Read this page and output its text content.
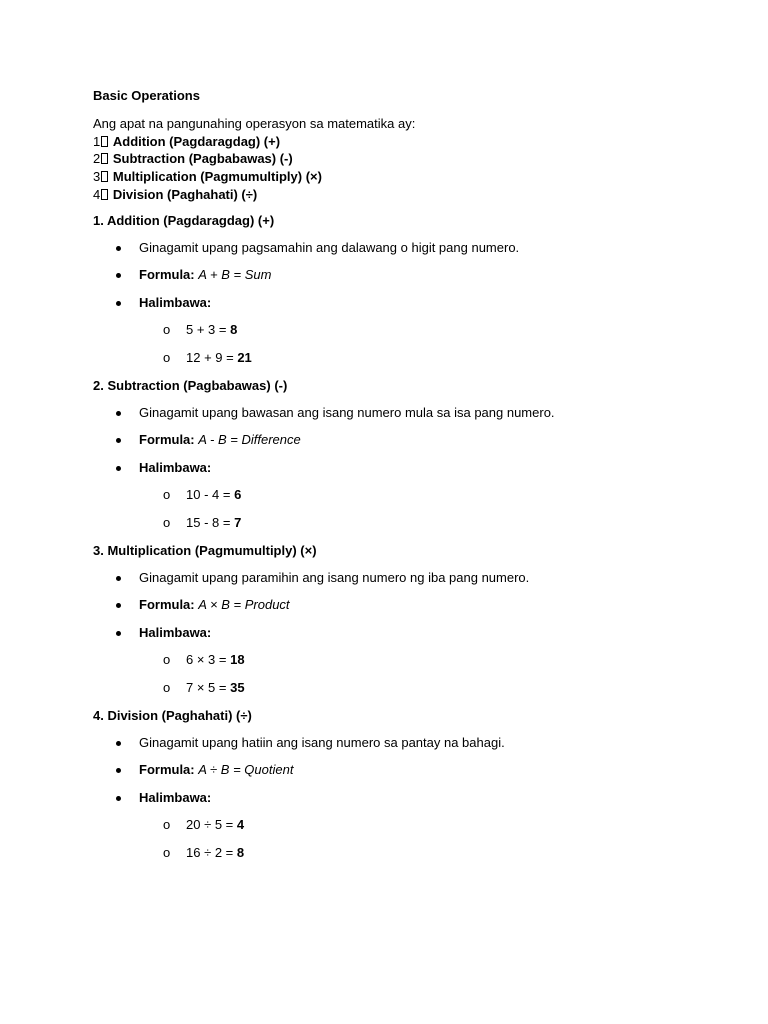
Basic Operations
Ang apat na pangunahing operasyon sa matematika ay:
1 Addition (Pagdaragdag) (+)
2 Subtraction (Pagbabawas) (-)
3 Multiplication (Pagmumultiply) (×)
4 Division (Paghahati) (÷)
1. Addition (Pagdaragdag) (+)
Ginagamit upang pagsamahin ang dalawang o higit pang numero.
Formula: A + B = Sum
Halimbawa:
o 5 + 3 = 8
o 12 + 9 = 21
2. Subtraction (Pagbabawas) (-)
Ginagamit upang bawasan ang isang numero mula sa isa pang numero.
Formula: A - B = Difference
Halimbawa:
o 10 - 4 = 6
o 15 - 8 = 7
3. Multiplication (Pagmumultiply) (×)
Ginagamit upang paramihin ang isang numero ng iba pang numero.
Formula: A × B = Product
Halimbawa:
o 6 × 3 = 18
o 7 × 5 = 35
4. Division (Paghahati) (÷)
Ginagamit upang hatiin ang isang numero sa pantay na bahagi.
Formula: A ÷ B = Quotient
Halimbawa:
o 20 ÷ 5 = 4
o 16 ÷ 2 = 8
